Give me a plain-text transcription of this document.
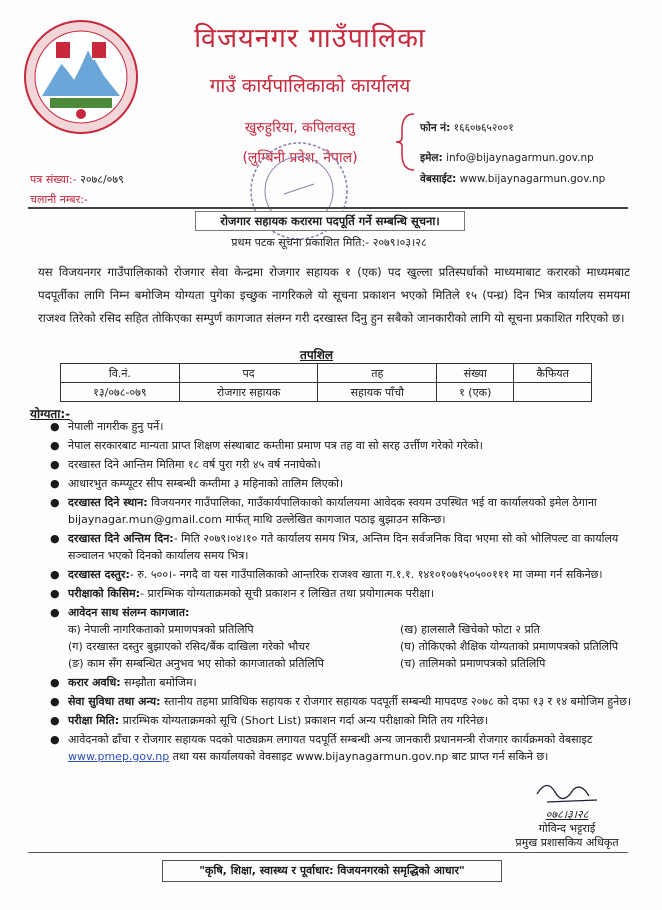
विजयनगर गाउँपालिका
गाउँ कार्यपालिकाको कार्यालय
खुरुहुरिया, कपिलवस्तु
(लुम्बिनी प्रदेश, नेपाल)
फोन नं: १६६०७६५२००१
इमेल: info@bijaynagarmun.gov.np
वेबसाईट: www.bijaynagarmun.gov.np
पत्र संख्या:- २०७८/०७९
चलानी नम्बर:-
रोजगार सहायक करारमा पदपूर्ति गर्ने सम्बन्धि सूचना।
प्रथम पटक सूचना प्रकाशित मिति:- २०७९।०३।२८
यस विजयनगर गाउँपालिकाको रोजगार सेवा केन्द्रमा रोजगार सहायक १ (एक) पद खुल्ला प्रतिस्पर्धाको माध्यमाबाट करारको माध्यमबाट पदपूर्तीका लागि निम्न बमोजिम योग्यता पुगेका इच्छुक नागरिकले यो सूचना प्रकाशन भएको मितिले १५ (पन्ध्र) दिन भित्र कार्यालय समयमा राजश्व तिरेको रसिद सहित तोकिएका सम्पुर्ण कागजात संलग्न गरी दरखास्त दिनु हुन सबैको जानकारीको लागि यो सूचना प्रकाशित गरिएको छ।
तपशिल
वि.नं.	पद	तह	संख्या	कैफियत
१३/०७८-०७९	रोजगार सहायक	सहायक पाँचौ	१ (एक)	
योग्यता:-
● नेपाली नागरीक हुनु पर्ने।
● नेपाल सरकारबाट मान्यता प्राप्त शिक्षण संस्थाबाट कम्तीमा प्रमाण पत्र तह वा सो सरह उर्त्तीण गरेको गरेको।
● दरखास्त दिने आन्तिम मितिमा १८ वर्ष पुरा गरी ४५ वर्ष ननाघेको।
● आधारभुत कम्प्यूटर सीप सम्बन्धी कम्तीमा ३ महिनाको तालिम लिएको।
● दरखास्त दिने स्थान: विजयनगर गाउँपालिका, गाउँकार्यपालिकाको कार्यालयमा आवेदक स्वयम उपस्थित भई वा कार्यालयको इमेल ठेगाना bijaynagar.mun@gmail.com मार्फत् माथि उल्लेखित कागजात पठाइ बुझाउन सकिन्छ।
● दरखास्त दिने अन्तिम दिन:- मिति २०७९।०४।१० गते कार्यालय समय भित्र, अन्तिम दिन सर्वजनिक विदा भएमा सो को भोलिपल्ट वा कार्यालय सञ्चालन भएको दिनको कार्यालय समय भित्र।
● दरखास्त दस्तुर:- रु. ५००।- नगदै वा यस गाउँपालिकाको आन्तरिक राजश्व खाता ग.१.१. १४१०१०७१५०५००१११ मा जम्मा गर्न सकिनेछ।
● परीक्षाको किसिम:- प्रारम्भिक योग्यताक्रमको सूची प्रकाशन र लिखित तथा प्रयोगात्मक परीक्षा।
● आवेदन साथ संलग्न कागजात:
क) नेपाली नागरिकताको प्रमाणपत्रको प्रतिलिपि	(ख) हालसालै खिचेको फोटा २ प्रति
(ग) दरखास्त दस्तुर बुझाएको रसिद/बैंक दाखिला गरेको भौचर	(घ) तोकिएको शैक्षिक योग्यताको प्रमाणपत्रको प्रतिलिपि
(ङ) काम सँग सम्बन्धित अनुभव भए सोको कागजातको प्रतिलिपि	(च) तालिमको प्रमाणपत्रको प्रतिलिपि
● करार अवधि: सम्झौता बमोजिम।
● सेवा सुविधा तथा अन्य: स्तानीय तहमा प्राविधिक सहायक र रोजगार सहायक पदपूर्ती सम्बन्धी मापदण्ड २०७८ को दफा १३ र १४ बमोजिम हुनेछ।
● परीक्षा मिति: प्रारम्भिक योग्यताक्रमको सूचि (Short List) प्रकाशन गर्दा अन्य परीक्षाको मिति तय गरिनेछ।
● आवेदनको ढाँचा र रोजगार सहायक पदको पाठ्यक्रम लगायत पदपूर्ति सम्बन्धी अन्य जानकारी प्रधानमन्त्री रोजगार कार्यक्रमको वेबसाइट www.pmep.gov.np तथा यस कार्यालयको वेवसाइट www.bijaynagarmun.gov.np बाट प्राप्त गर्न सकिने छ।
०७८।३।२८
गोविन्द भट्टराई
प्रमुख प्रशासकिय अधिकृत
"कृषि, शिक्षा, स्वास्थ्य र पूर्वाधार: विजयनगरको समृद्धिको आधार"
